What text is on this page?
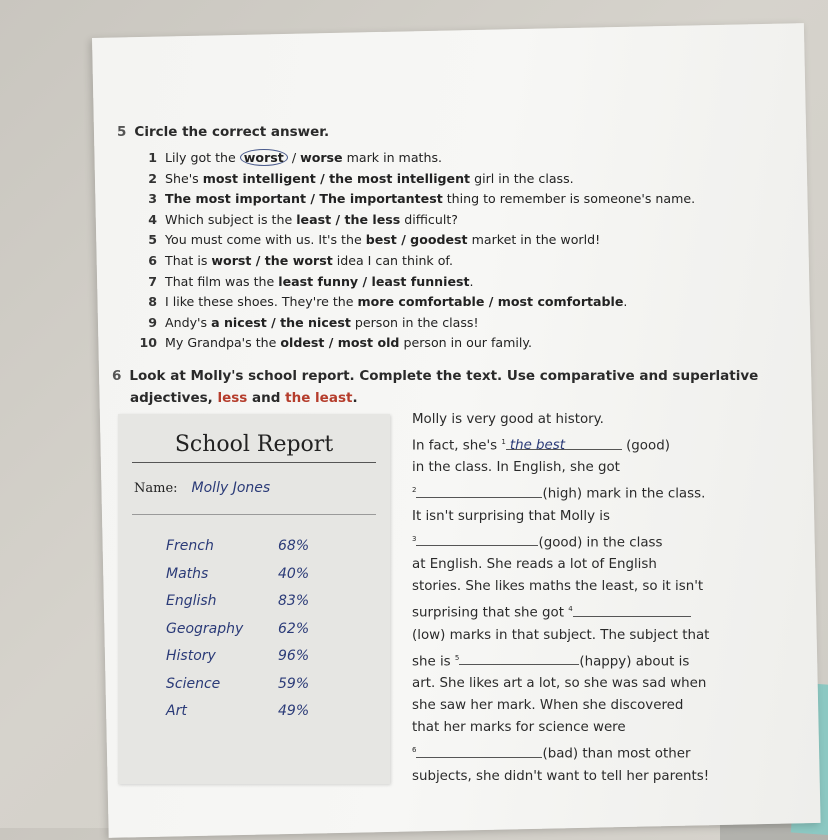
5 Circle the correct answer.
1 Lily got the worst / worse mark in maths.
2 She's most intelligent / the most intelligent girl in the class.
3 The most important / The importantest thing to remember is someone's name.
4 Which subject is the least / the less difficult?
5 You must come with us. It's the best / goodest market in the world!
6 That is worst / the worst idea I can think of.
7 That film was the least funny / least funniest.
8 I like these shoes. They're the more comfortable / most comfortable.
9 Andy's a nicest / the nicest person in the class!
10 My Grandpa's the oldest / most old person in our family.
6 Look at Molly's school report. Complete the text. Use comparative and superlative
adjectives, less and the least.
School Report
Name: Molly Jones
French	68%
Maths	40%
English	83%
Geography 62%
History	96%
Science	59%
Art	49%
Molly is very good at history.
In fact, she's $^1$ the best	(good)
in the class. In English, she got
$^2$	(high) mark in the class.
It isn't surprising that Molly is
$^3$	(good) in the class
at English. She reads a lot of English
stories. She likes maths the least, so it isn't
surprising that she got $^4$
(low) marks in that subject. The subject that
she is $^5$	(happy) about is
art. She likes art a lot, so she was sad when
she saw her mark. When she discovered
that her marks for science were
$^6$	(bad) than most other
subjects, she didn't want to tell her parents!
